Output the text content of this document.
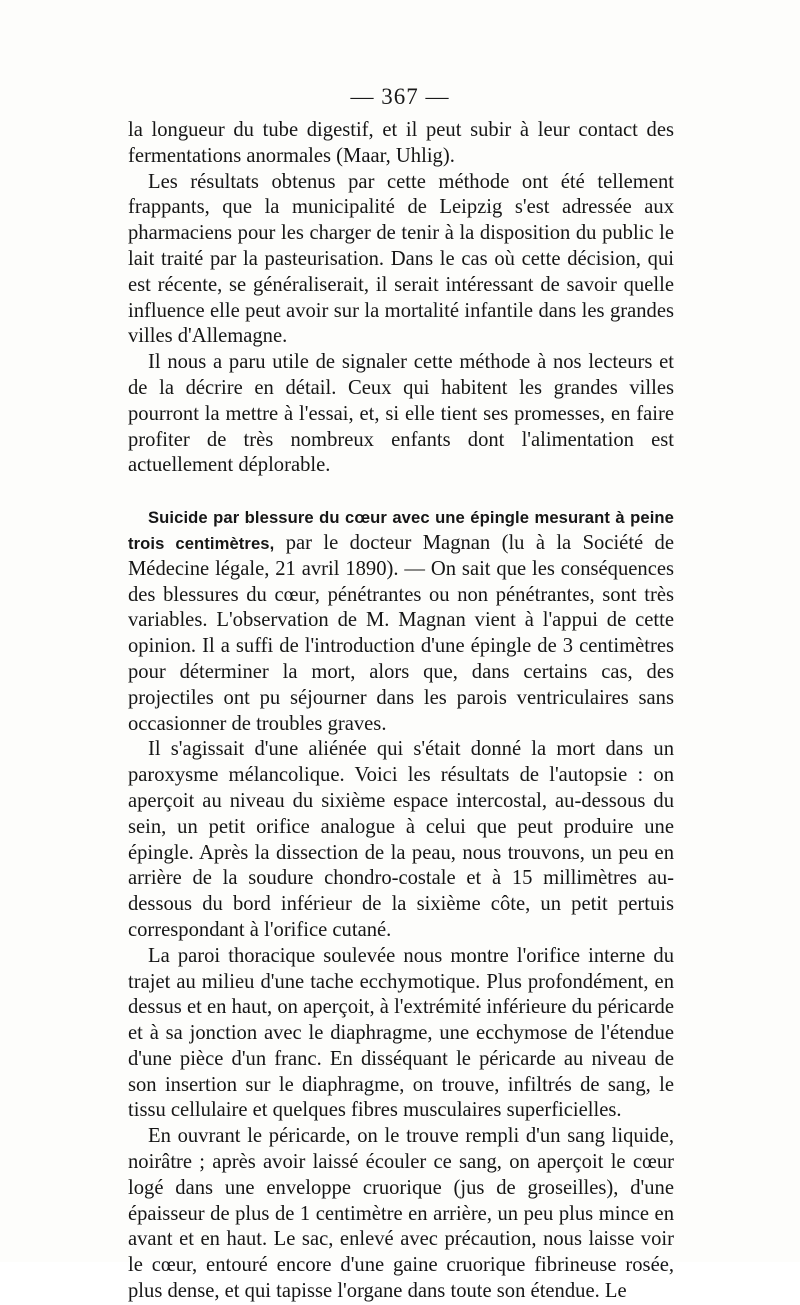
— 367 —

la longueur du tube digestif, et il peut subir à leur contact des fermentations anormales (Maar, Uhlig).

Les résultats obtenus par cette méthode ont été tellement frappants, que la municipalité de Leipzig s'est adressée aux pharmaciens pour les charger de tenir à la disposition du public le lait traité par la pasteurisation. Dans le cas où cette décision, qui est récente, se généraliserait, il serait intéressant de savoir quelle influence elle peut avoir sur la mortalité infantile dans les grandes villes d'Allemagne.

Il nous a paru utile de signaler cette méthode à nos lecteurs et de la décrire en détail. Ceux qui habitent les grandes villes pourront la mettre à l'essai, et, si elle tient ses promesses, en faire profiter de très nombreux enfants dont l'alimentation est actuellement déplorable.

Suicide par blessure du cœur avec une épingle mesurant à peine trois centimètres, par le docteur Magnan (lu à la Société de Médecine légale, 21 avril 1890). — On sait que les conséquences des blessures du cœur, pénétrantes ou non pénétrantes, sont très variables. L'observation de M. Magnan vient à l'appui de cette opinion. Il a suffi de l'introduction d'une épingle de 3 centimètres pour déterminer la mort, alors que, dans certains cas, des projectiles ont pu séjourner dans les parois ventriculaires sans occasionner de troubles graves.

Il s'agissait d'une aliénée qui s'était donné la mort dans un paroxysme mélancolique. Voici les résultats de l'autopsie : on aperçoit au niveau du sixième espace intercostal, au-dessous du sein, un petit orifice analogue à celui que peut produire une épingle. Après la dissection de la peau, nous trouvons, un peu en arrière de la soudure chondro-costale et à 15 millimètres au-dessous du bord inférieur de la sixième côte, un petit pertuis correspondant à l'orifice cutané.

La paroi thoracique soulevée nous montre l'orifice interne du trajet au milieu d'une tache ecchymotique. Plus profondément, en dessus et en haut, on aperçoit, à l'extrémité inférieure du péricarde et à sa jonction avec le diaphragme, une ecchymose de l'étendue d'une pièce d'un franc. En disséquant le péricarde au niveau de son insertion sur le diaphragme, on trouve, infiltrés de sang, le tissu cellulaire et quelques fibres musculaires superficielles.

En ouvrant le péricarde, on le trouve rempli d'un sang liquide, noirâtre ; après avoir laissé écouler ce sang, on aperçoit le cœur logé dans une enveloppe cruorique (jus de groseilles), d'une épaisseur de plus de 1 centimètre en arrière, un peu plus mince en avant et en haut. Le sac, enlevé avec précaution, nous laisse voir le cœur, entouré encore d'une gaine cruorique fibrineuse rosée, plus dense, et qui tapisse l'organe dans toute son étendue. Le
